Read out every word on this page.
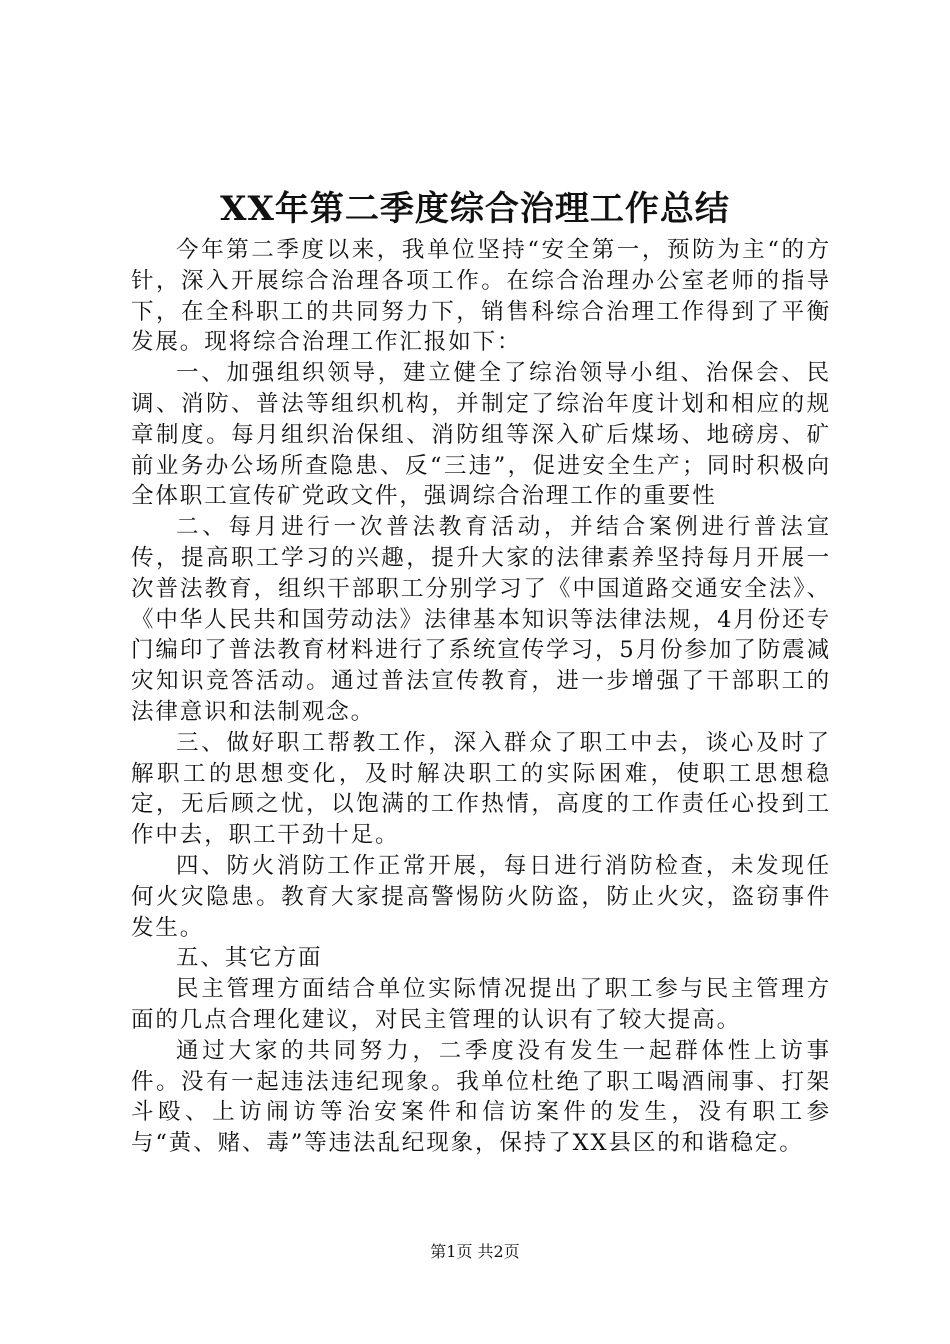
XX年第二季度综合治理工作总结

今年第二季度以来，我单位坚持“安全第一，预防为主“的方针，深入开展综合治理各项工作。在综合治理办公室老师的指导下，在全科职工的共同努力下，销售科综合治理工作得到了平衡发展。现将综合治理工作汇报如下：

一、加强组织领导，建立健全了综治领导小组、治保会、民调、消防、普法等组织机构，并制定了综治年度计划和相应的规章制度。每月组织治保组、消防组等深入矿后煤场、地磅房、矿前业务办公场所查隐患、反“三违”，促进安全生产；同时积极向全体职工宣传矿党政文件，强调综合治理工作的重要性

二、每月进行一次普法教育活动，并结合案例进行普法宣传，提高职工学习的兴趣，提升大家的法律素养坚持每月开展一次普法教育，组织干部职工分别学习了《中国道路交通安全法》、《中华人民共和国劳动法》法律基本知识等法律法规，4月份还专门编印了普法教育材料进行了系统宣传学习，5月份参加了防震减灾知识竞答活动。通过普法宣传教育，进一步增强了干部职工的法律意识和法制观念。

三、做好职工帮教工作，深入群众了职工中去，谈心及时了解职工的思想变化，及时解决职工的实际困难，使职工思想稳定，无后顾之忧，以饱满的工作热情，高度的工作责任心投到工作中去，职工干劲十足。

四、防火消防工作正常开展，每日进行消防检查，未发现任何火灾隐患。教育大家提高警惕防火防盗，防止火灾，盗窃事件发生。

五、其它方面

民主管理方面结合单位实际情况提出了职工参与民主管理方面的几点合理化建议，对民主管理的认识有了较大提高。

通过大家的共同努力，二季度没有发生一起群体性上访事件。没有一起违法违纪现象。我单位杜绝了职工喝酒闹事、打架斗殴、上访闹访等治安案件和信访案件的发生，没有职工参与“黄、赌、毒”等违法乱纪现象，保持了XX县区的和谐稳定。

第1页 共2页
